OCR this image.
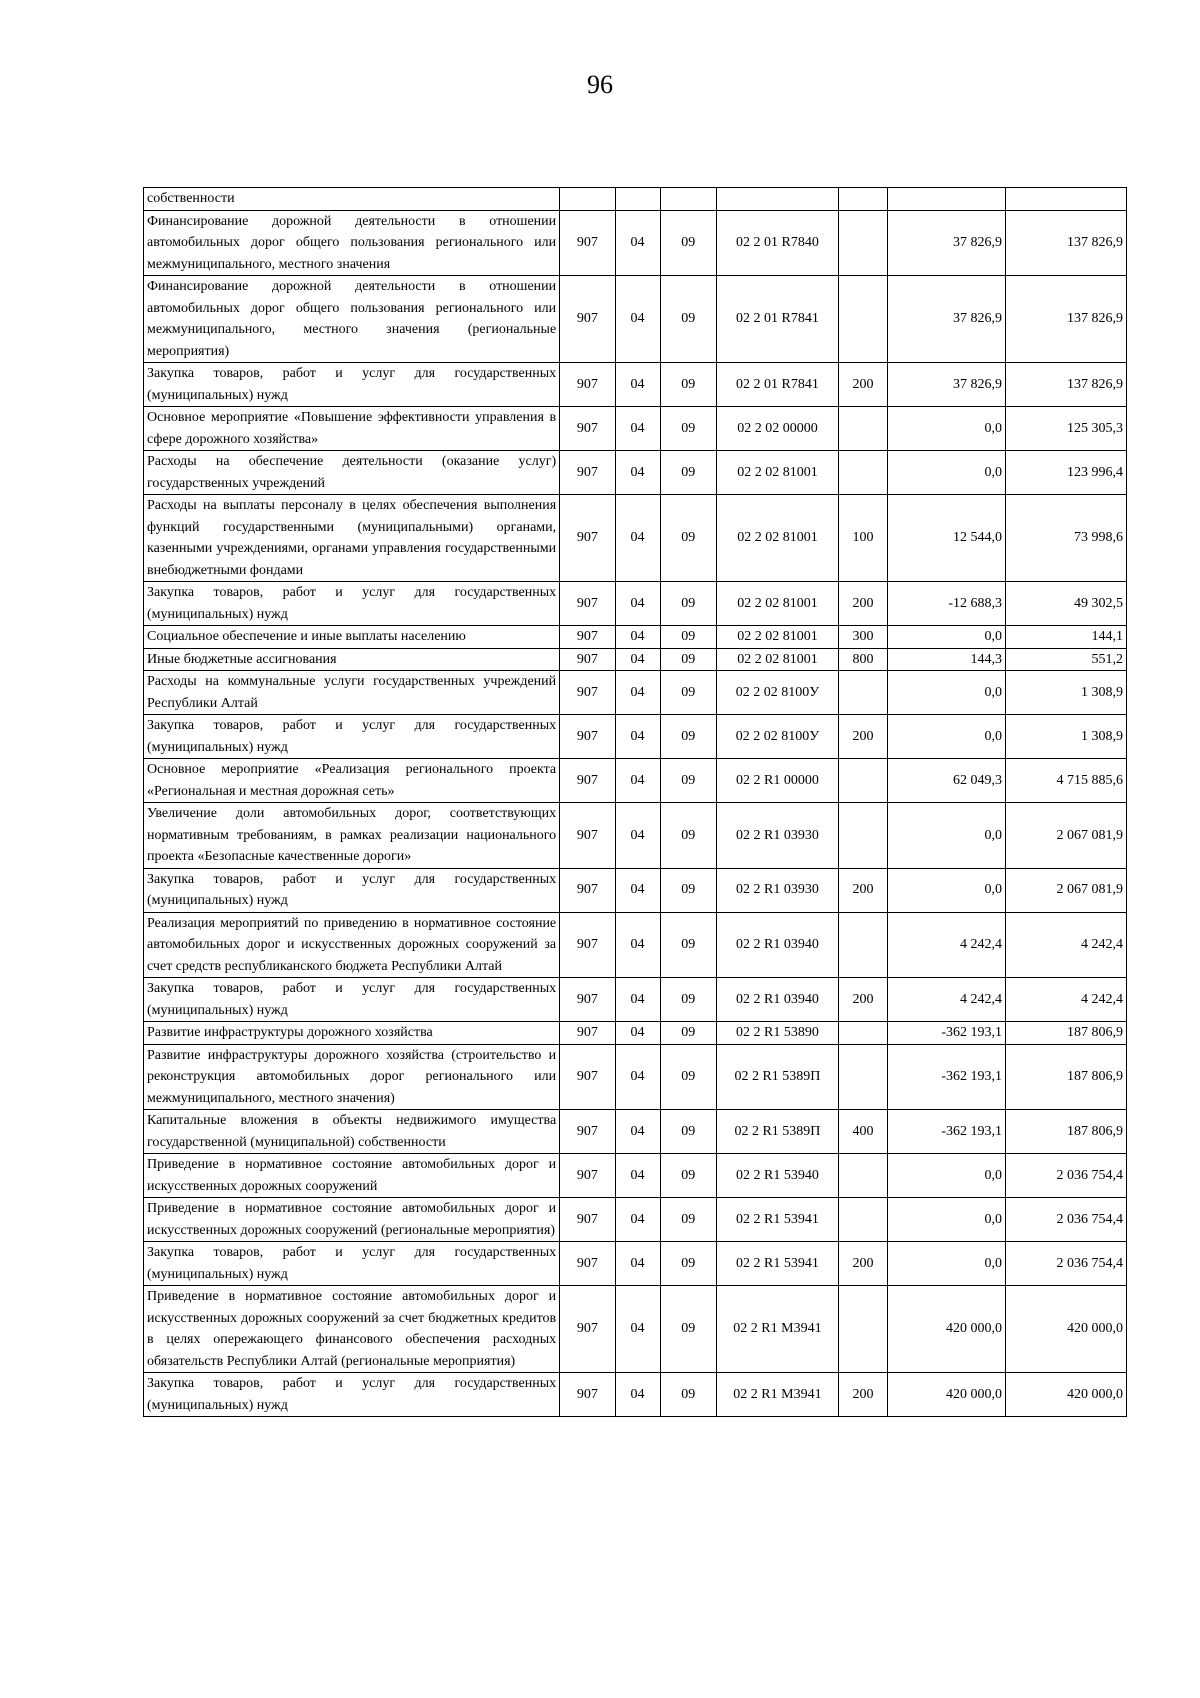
96
собственности							
Финансирование дорожной деятельности в отношении автомобильных дорог общего пользования регионального или межмуниципального, местного значения	907	04	09	02 2 01 R7840		37 826,9	137 826,9
Финансирование дорожной деятельности в отношении автомобильных дорог общего пользования регионального или межмуниципального, местного значения (региональные мероприятия)	907	04	09	02 2 01 R7841		37 826,9	137 826,9
Закупка товаров, работ и услуг для государственных (муниципальных) нужд	907	04	09	02 2 01 R7841	200	37 826,9	137 826,9
Основное мероприятие «Повышение эффективности управления в сфере дорожного хозяйства»	907	04	09	02 2 02 00000		0,0	125 305,3
Расходы на обеспечение деятельности (оказание услуг) государственных учреждений	907	04	09	02 2 02 81001		0,0	123 996,4
Расходы на выплаты персоналу в целях обеспечения выполнения функций государственными (муниципальными) органами, казенными учреждениями, органами управления государственными внебюджетными фондами	907	04	09	02 2 02 81001	100	12 544,0	73 998,6
Закупка товаров, работ и услуг для государственных (муниципальных) нужд	907	04	09	02 2 02 81001	200	-12 688,3	49 302,5
Социальное обеспечение и иные выплаты населению	907	04	09	02 2 02 81001	300	0,0	144,1
Иные бюджетные ассигнования	907	04	09	02 2 02 81001	800	144,3	551,2
Расходы на коммунальные услуги государственных учреждений Республики Алтай	907	04	09	02 2 02 8100У		0,0	1 308,9
Закупка товаров, работ и услуг для государственных (муниципальных) нужд	907	04	09	02 2 02 8100У	200	0,0	1 308,9
Основное мероприятие «Реализация регионального проекта «Региональная и местная дорожная сеть»	907	04	09	02 2 R1 00000		62 049,3	4 715 885,6
Увеличение доли автомобильных дорог, соответствующих нормативным требованиям, в рамках реализации национального проекта «Безопасные качественные дороги»	907	04	09	02 2 R1 03930		0,0	2 067 081,9
Закупка товаров, работ и услуг для государственных (муниципальных) нужд	907	04	09	02 2 R1 03930	200	0,0	2 067 081,9
Реализация мероприятий по приведению в нормативное состояние автомобильных дорог и искусственных дорожных сооружений за счет средств республиканского бюджета Республики Алтай	907	04	09	02 2 R1 03940		4 242,4	4 242,4
Закупка товаров, работ и услуг для государственных (муниципальных) нужд	907	04	09	02 2 R1 03940	200	4 242,4	4 242,4
Развитие инфраструктуры дорожного хозяйства	907	04	09	02 2 R1 53890		-362 193,1	187 806,9
Развитие инфраструктуры дорожного хозяйства (строительство и реконструкция автомобильных дорог регионального или межмуниципального, местного значения)	907	04	09	02 2 R1 5389П		-362 193,1	187 806,9
Капитальные вложения в объекты недвижимого имущества государственной (муниципальной) собственности	907	04	09	02 2 R1 5389П	400	-362 193,1	187 806,9
Приведение в нормативное состояние автомобильных дорог и искусственных дорожных сооружений	907	04	09	02 2 R1 53940		0,0	2 036 754,4
Приведение в нормативное состояние автомобильных дорог и искусственных дорожных сооружений (региональные мероприятия)	907	04	09	02 2 R1 53941		0,0	2 036 754,4
Закупка товаров, работ и услуг для государственных (муниципальных) нужд	907	04	09	02 2 R1 53941	200	0,0	2 036 754,4
Приведение в нормативное состояние автомобильных дорог и искусственных дорожных сооружений за счет бюджетных кредитов в целях опережающего финансового обеспечения расходных обязательств Республики Алтай (региональные мероприятия)	907	04	09	02 2 R1 M3941		420 000,0	420 000,0
Закупка товаров, работ и услуг для государственных (муниципальных) нужд	907	04	09	02 2 R1 M3941	200	420 000,0	420 000,0
